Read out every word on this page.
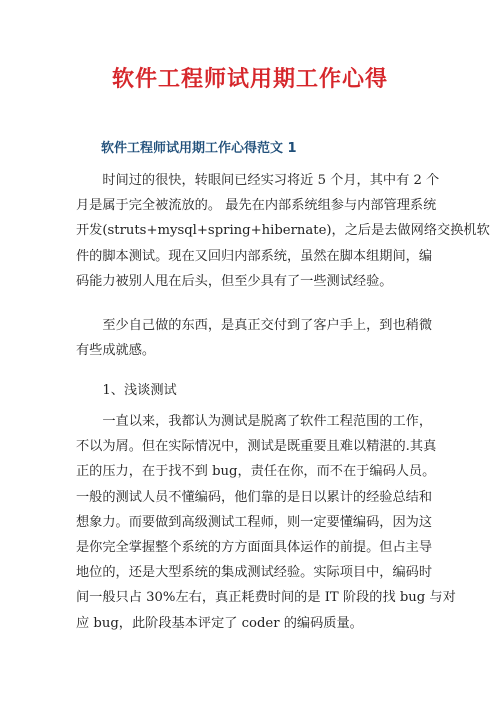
软件工程师试用期工作心得
软件工程师试用期工作心得范文 1

　　时间过的很快，转眼间已经实习将近 5 个月，其中有 2 个
月是属于完全被流放的。 最先在内部系统组参与内部管理系统
开发(struts+mysql+spring+hibernate)，之后是去做网络交换机软
件的脚本测试。现在又回归内部系统，虽然在脚本组期间，编
码能力被别人甩在后头，但至少具有了一些测试经验。

　　至少自己做的东西，是真正交付到了客户手上，到也稍微
有些成就感。

　　1、浅谈测试

　　一直以来，我都认为测试是脱离了软件工程范围的工作，
不以为屑。但在实际情况中，测试是既重要且难以精湛的.其真
正的压力，在于找不到 bug，责任在你，而不在于编码人员。
一般的测试人员不懂编码，他们靠的是日以累计的经验总结和
想象力。而要做到高级测试工程师，则一定要懂编码，因为这
是你完全掌握整个系统的方方面面具体运作的前提。但占主导
地位的，还是大型系统的集成测试经验。实际项目中，编码时
间一般只占 30%左右，真正耗费时间的是 IT 阶段的找 bug 与对
应 bug，此阶段基本评定了 coder 的编码质量。
